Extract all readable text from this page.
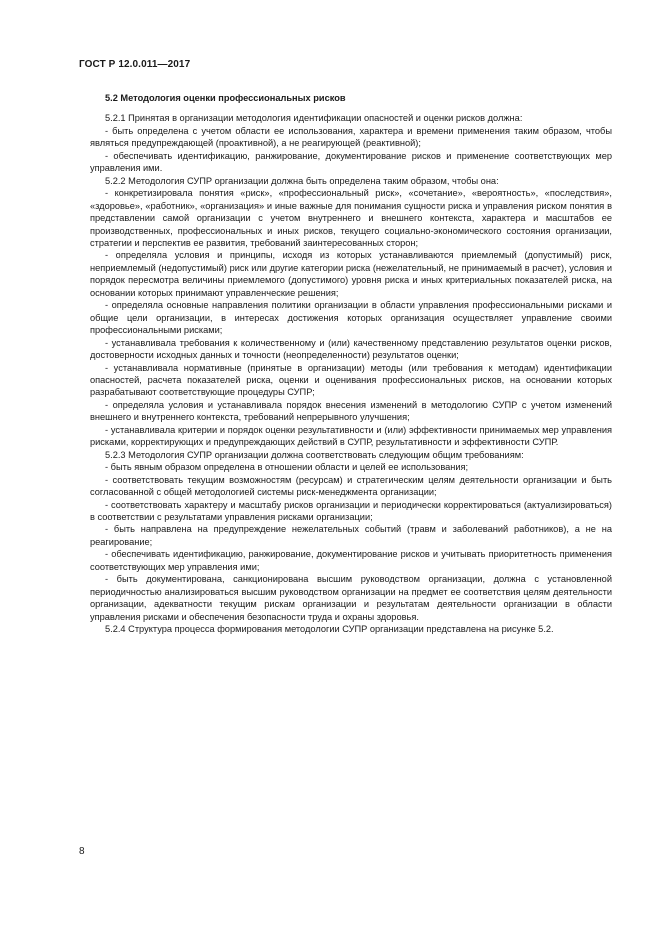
ГОСТ Р 12.0.011—2017

5.2 Методология оценки профессиональных рисков

5.2.1 Принятая в организации методология идентификации опасностей и оценки рисков должна:

- быть определена с учетом области ее использования, характера и времени применения таким образом, чтобы являться предупреждающей (проактивной), а не реагирующей (реактивной);

- обеспечивать идентификацию, ранжирование, документирование рисков и применение соответствующих мер управления ими.

5.2.2 Методология СУПР организации должна быть определена таким образом, чтобы она:

- конкретизировала понятия «риск», «профессиональный риск», «сочетание», «вероятность», «последствия», «здоровье», «работник», «организация» и иные важные для понимания сущности риска и управления риском понятия в представлении самой организации с учетом внутреннего и внешнего контекста, характера и масштабов ее производственных, профессиональных и иных рисков, текущего социально-экономического состояния организации, стратегии и перспектив ее развития, требований заинтересованных сторон;

- определяла условия и принципы, исходя из которых устанавливаются приемлемый (допустимый) риск, неприемлемый (недопустимый) риск или другие категории риска (нежелательный, не принимаемый в расчет), условия и порядок пересмотра величины приемлемого (допустимого) уровня риска и иных критериальных показателей риска, на основании которых принимают управленческие решения;

- определяла основные направления политики организации в области управления профессиональными рисками и общие цели организации, в интересах достижения которых организация осуществляет управление своими профессиональными рисками;

- устанавливала требования к количественному и (или) качественному представлению результатов оценки рисков, достоверности исходных данных и точности (неопределенности) результатов оценки;

- устанавливала нормативные (принятые в организации) методы (или требования к методам) идентификации опасностей, расчета показателей риска, оценки и оценивания профессиональных рисков, на основании которых разрабатывают соответствующие процедуры СУПР;

- определяла условия и устанавливала порядок внесения изменений в методологию СУПР с учетом изменений внешнего и внутреннего контекста, требований непрерывного улучшения;

- устанавливала критерии и порядок оценки результативности и (или) эффективности принимаемых мер управления рисками, корректирующих и предупреждающих действий в СУПР, результативности и эффективности СУПР.

5.2.3 Методология СУПР организации должна соответствовать следующим общим требованиям:

- быть явным образом определена в отношении области и целей ее использования;

- соответствовать текущим возможностям (ресурсам) и стратегическим целям деятельности организации и быть согласованной с общей методологией системы риск-менеджмента организации;

- соответствовать характеру и масштабу рисков организации и периодически корректироваться (актуализироваться) в соответствии с результатами управления рисками организации;

- быть направлена на предупреждение нежелательных событий (травм и заболеваний работников), а не на реагирование;

- обеспечивать идентификацию, ранжирование, документирование рисков и учитывать приоритетность применения соответствующих мер управления ими;

- быть документирована, санкционирована высшим руководством организации, должна с установленной периодичностью анализироваться высшим руководством организации на предмет ее соответствия целям деятельности организации, адекватности текущим рискам организации и результатам деятельности организации в области управления рисками и обеспечения безопасности труда и охраны здоровья.

5.2.4 Структура процесса формирования методологии СУПР организации представлена на рисунке 5.2.

8
